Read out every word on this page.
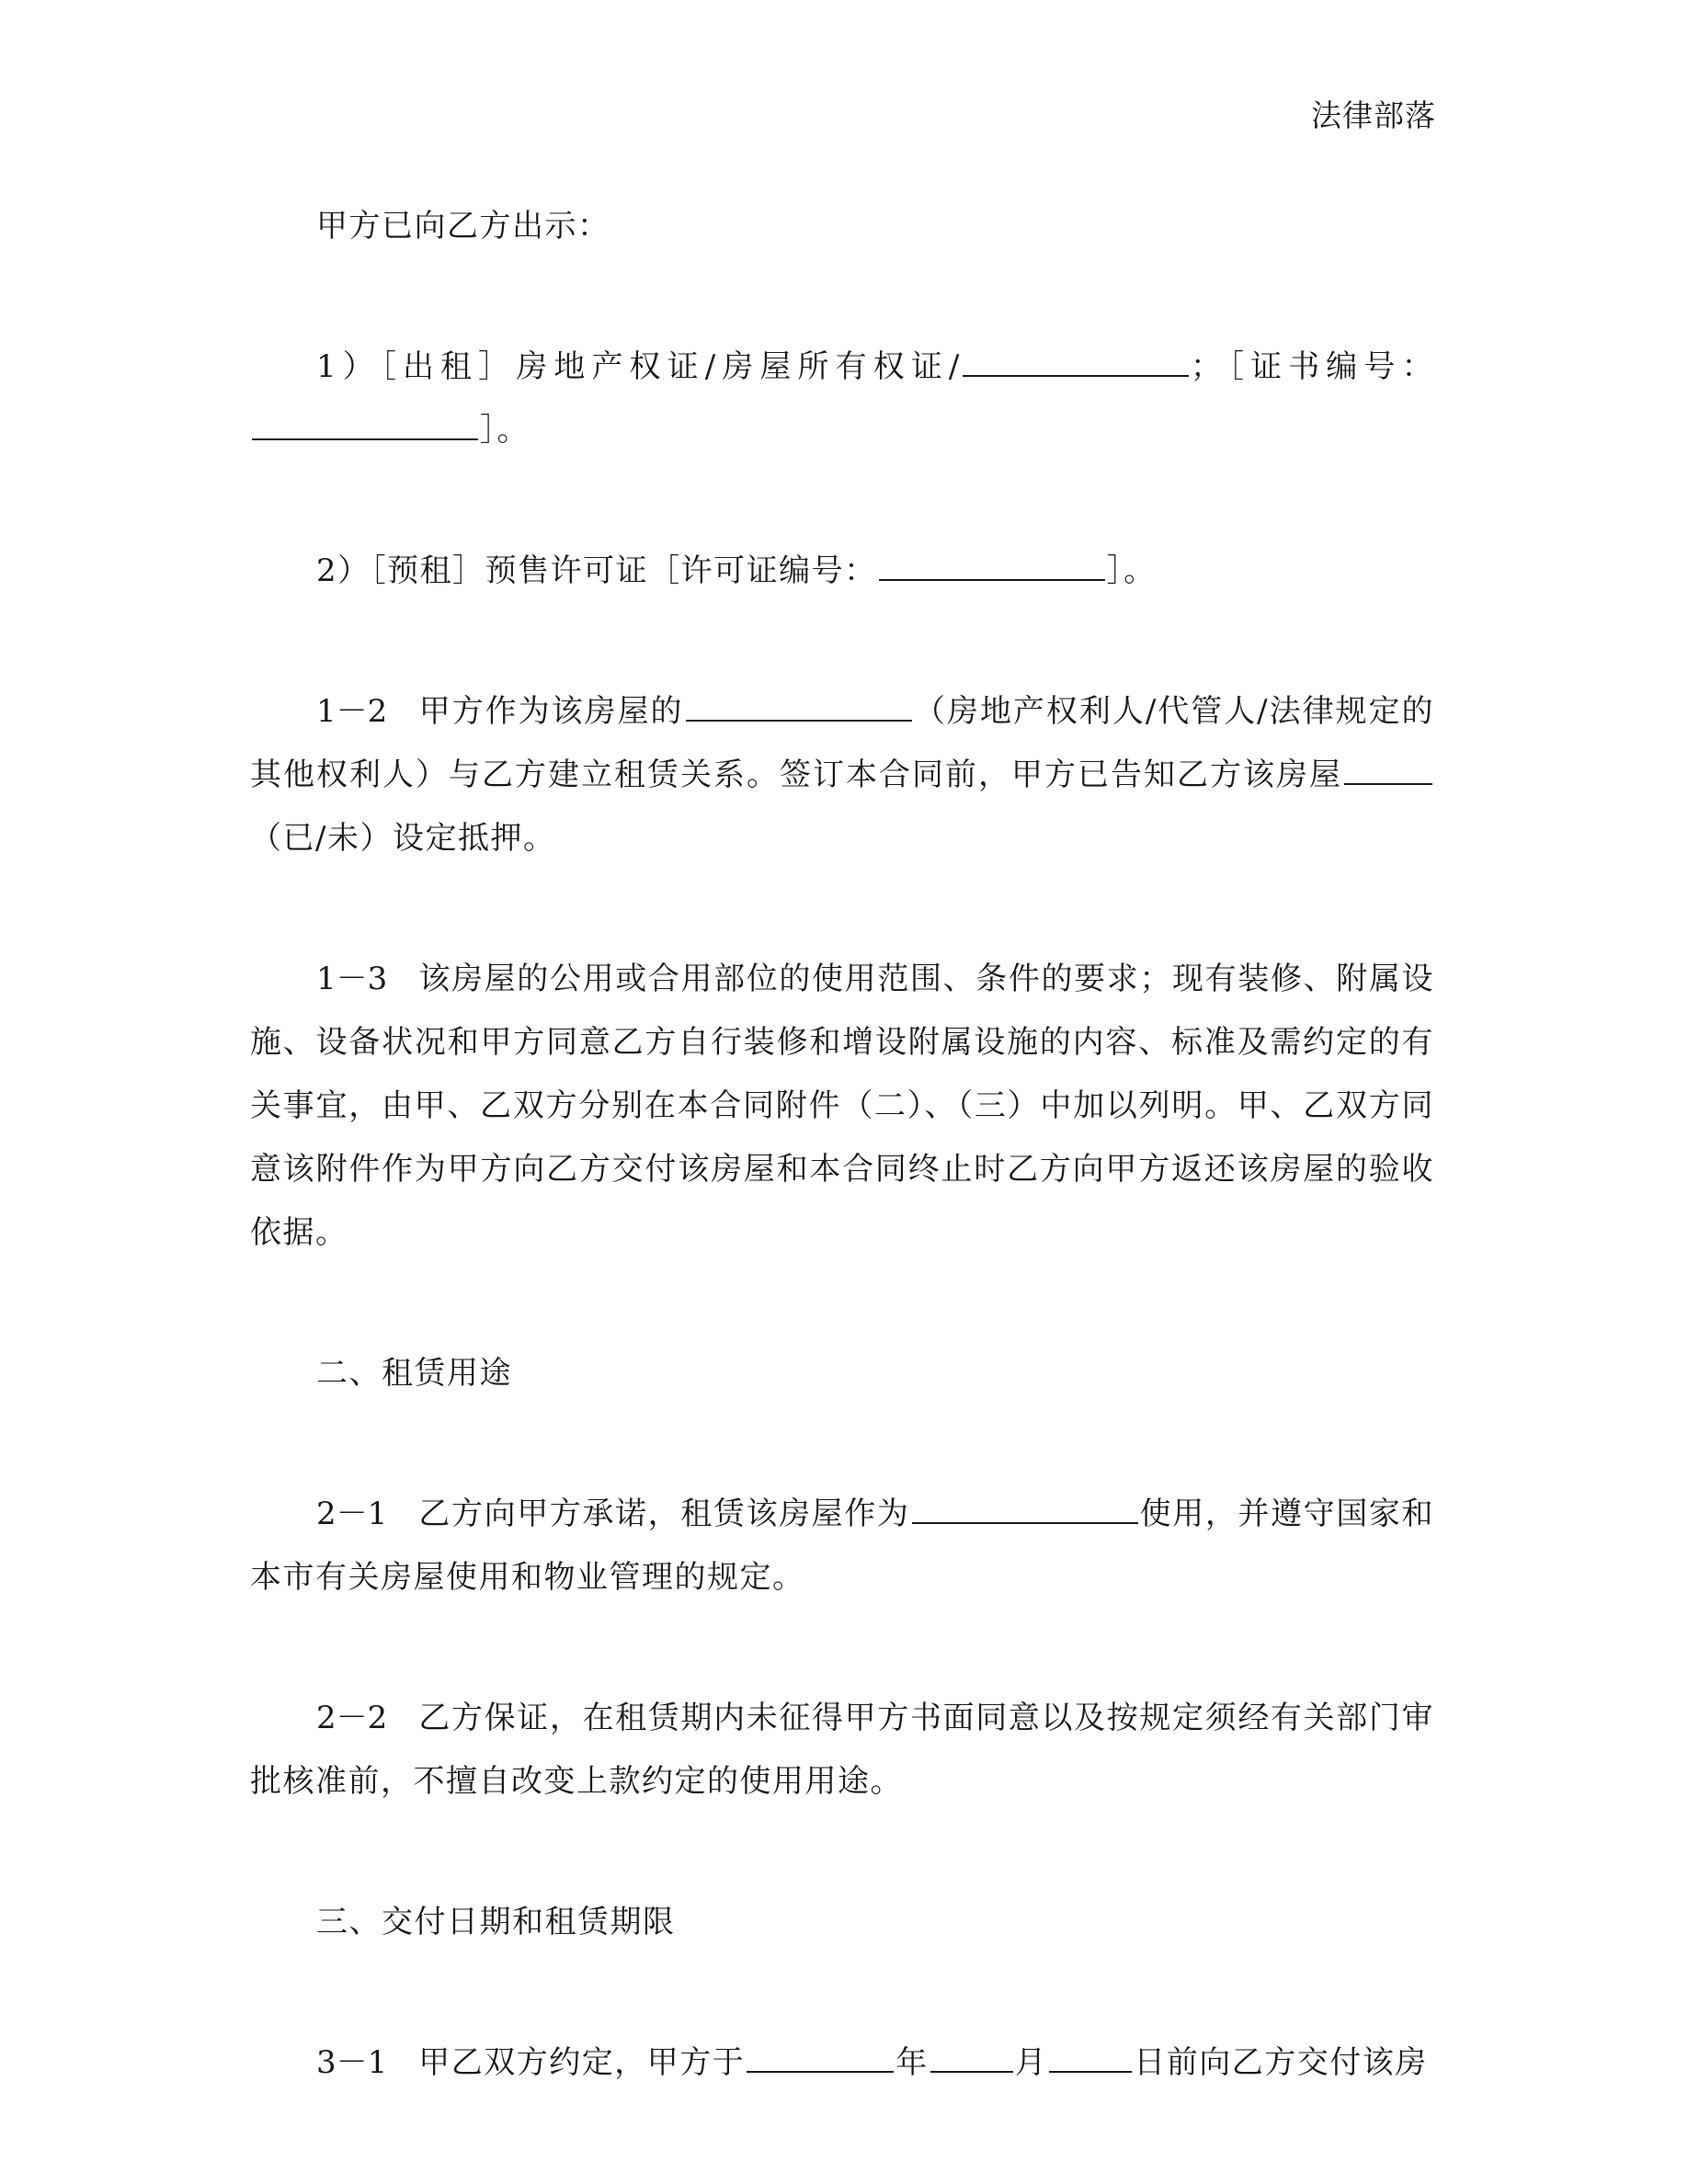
法律部落

甲方已向乙方出示：

1）［出租］房地产权证/房屋所有权证/	；［证书编号：］。

2）［预租］预售许可证［许可证编号：	］。

1－2 甲方作为该房屋的	（房地产权利人/代管人/法律规定的其他权利人）与乙方建立租赁关系。签订本合同前，甲方已告知乙方该房屋（已/未）设定抵押。

1－3 该房屋的公用或合用部位的使用范围、条件的要求；现有装修、附属设施、设备状况和甲方同意乙方自行装修和增设附属设施的内容、标准及需约定的有关事宜，由甲、乙双方分别在本合同附件（二）、（三）中加以列明。甲、乙双方同意该附件作为甲方向乙方交付该房屋和本合同终止时乙方向甲方返还该房屋的验收依据。

二、租赁用途

2－1 乙方向甲方承诺，租赁该房屋作为	使用，并遵守国家和本市有关房屋使用和物业管理的规定。

2－2 乙方保证，在租赁期内未征得甲方书面同意以及按规定须经有关部门审批核准前，不擅自改变上款约定的使用用途。

三、交付日期和租赁期限

3－1 甲乙双方约定，甲方于	年	月	日前向乙方交付该房
